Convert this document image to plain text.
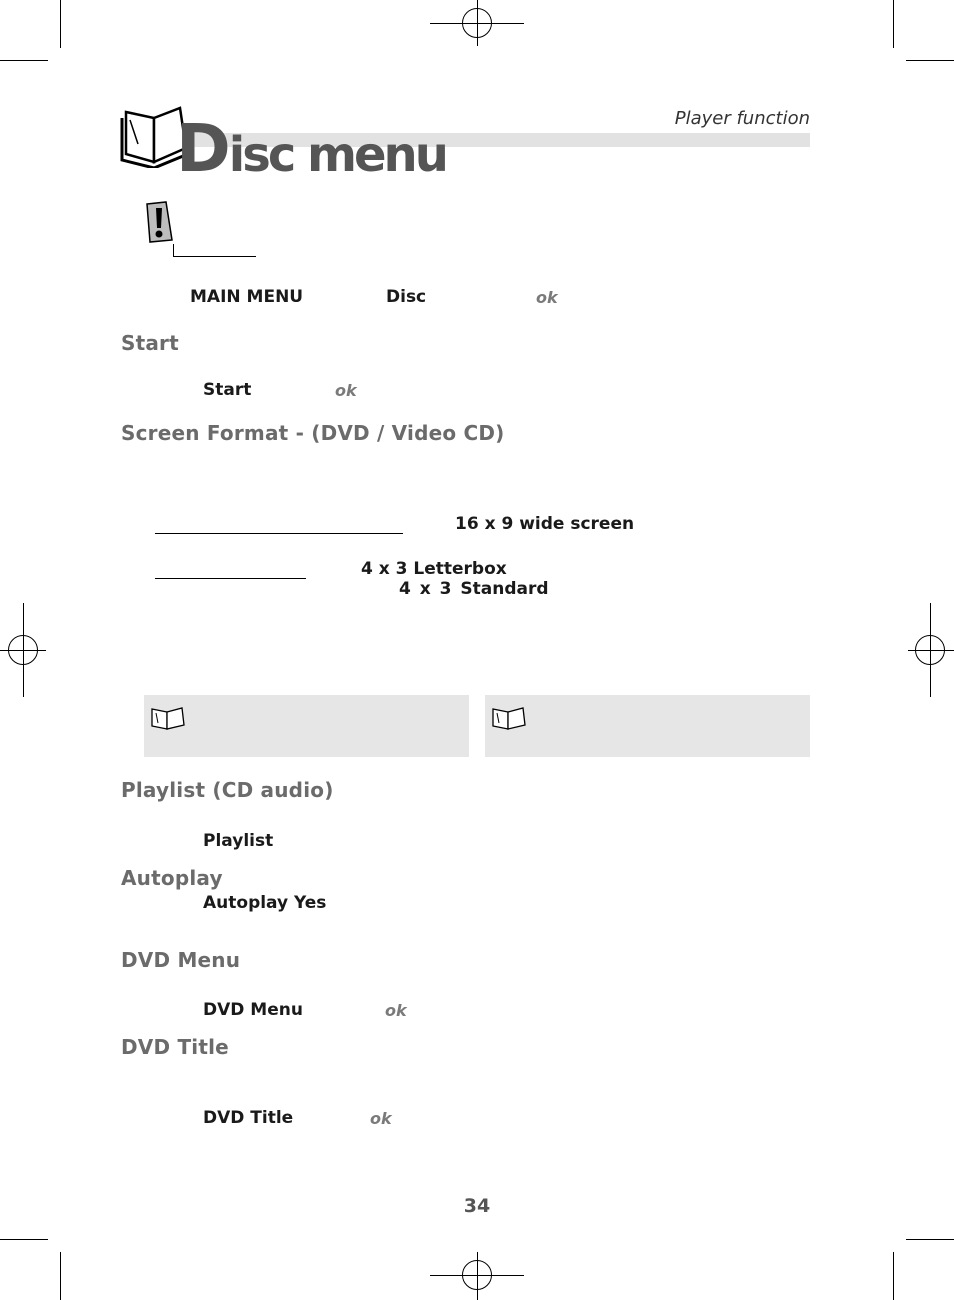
Player function
Disc menu
MAIN MENU	Disc	ok
Start
Start	ok
Screen Format - (DVD / Video CD)
16 x 9 wide screen
4 x 3 Letterbox
4 x 3 Standard
Playlist (CD audio)
Playlist
Autoplay
Autoplay Yes
DVD Menu
DVD Menu	ok
DVD Title
DVD Title	ok
34
